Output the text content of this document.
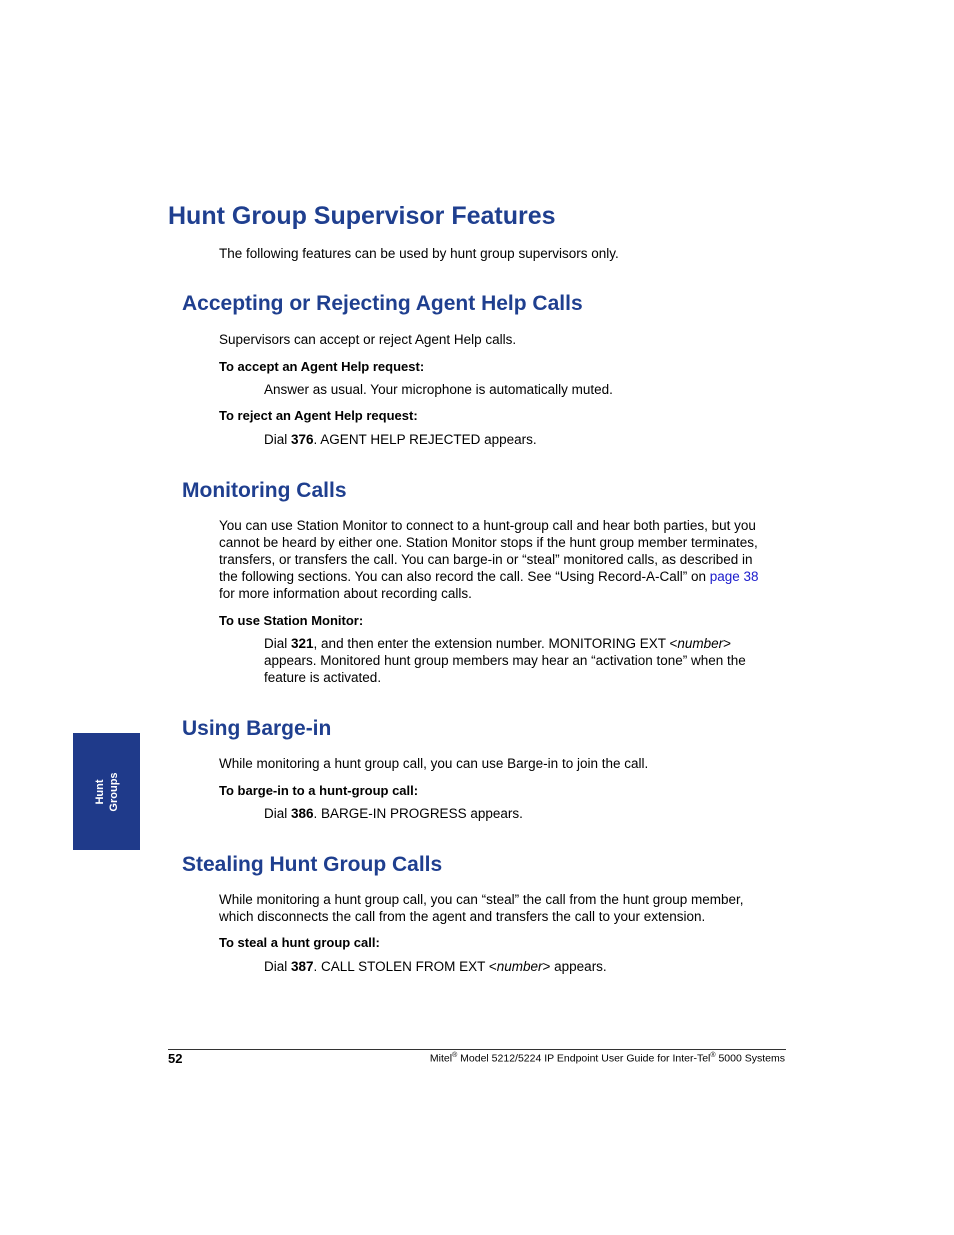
Hunt Group Supervisor Features

The following features can be used by hunt group supervisors only.

Accepting or Rejecting Agent Help Calls

Supervisors can accept or reject Agent Help calls.

To accept an Agent Help request:

Answer as usual. Your microphone is automatically muted.

To reject an Agent Help request:

Dial 376. AGENT HELP REJECTED appears.

Monitoring Calls
You can use Station Monitor to connect to a hunt-group call and hear both parties, but you
cannot be heard by either one. Station Monitor stops if the hunt group member terminates,
transfers, or transfers the call. You can barge-in or “steal” monitored calls, as described in
the following sections. You can also record the call. See “Using Record-A-Call” on page 38
for more information about recording calls.

To use Station Monitor:

Dial 321, and then enter the extension number. MONITORING EXT <number>
appears. Monitored hunt group members may hear an “activation tone” when the
feature is activated.
Using Barge-in

While monitoring a hunt group call, you can use Barge-in to join the call.

To barge-in to a hunt-group call:

Dial 386. BARGE-IN PROGRESS appears.

Stealing Hunt Group Calls
While monitoring a hunt group call, you can “steal” the call from the hunt group member,
which disconnects the call from the agent and transfers the call to your extension.

To steal a hunt group call:

Dial 387. CALL STOLEN FROM EXT <number> appears.

Hunt Groups
52	Mitel® Model 5212/5224 IP Endpoint User Guide for Inter-Tel® 5000 Systems
